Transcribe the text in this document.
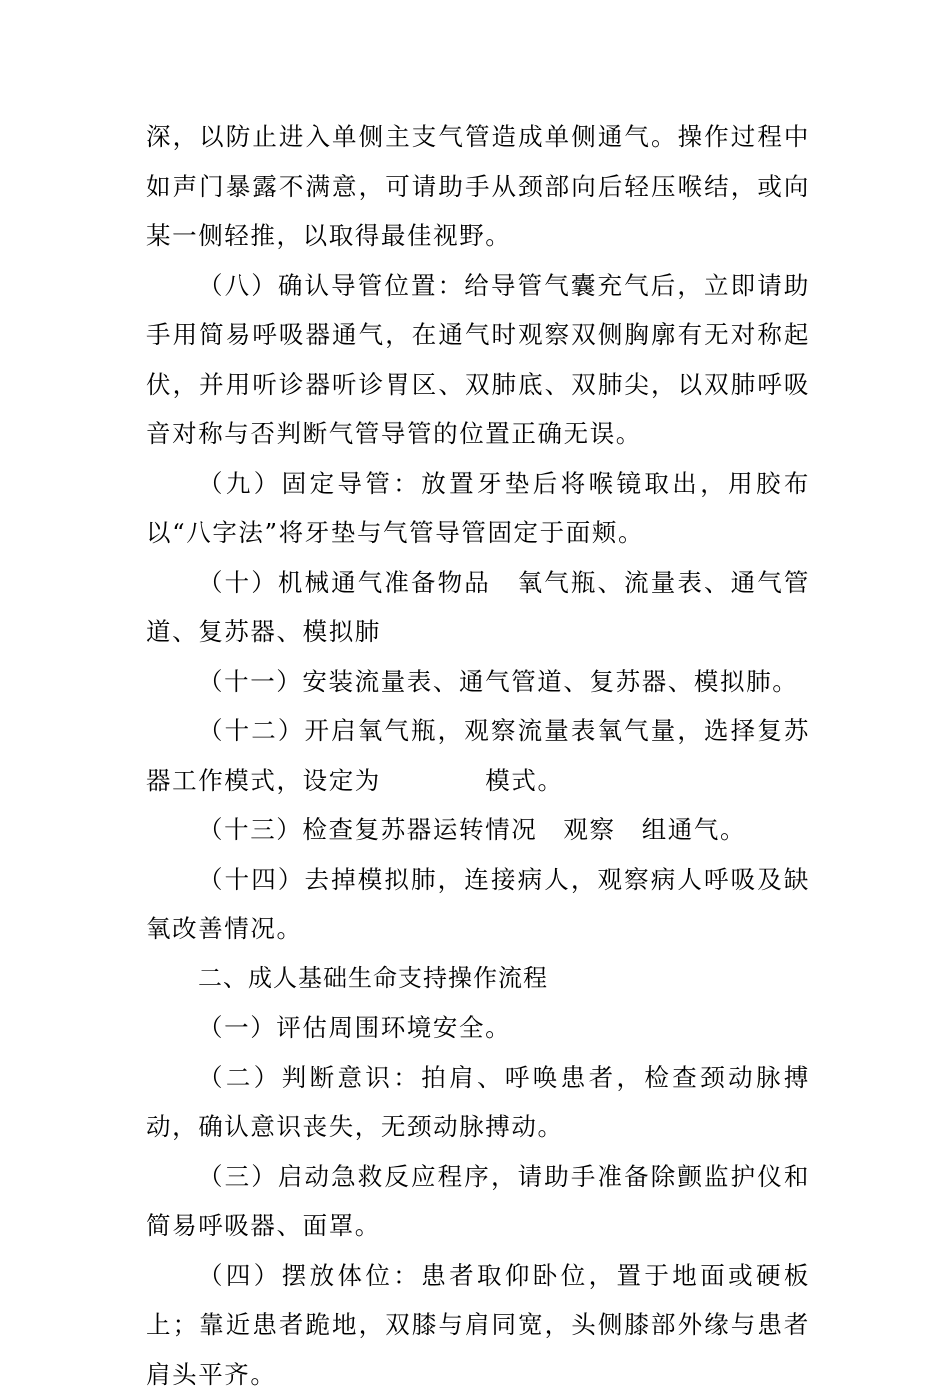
深，以防止进入单侧主支气管造成单侧通气。操作过程中如声门暴露不满意，可请助手从颈部向后轻压喉结，或向某一侧轻推，以取得最佳视野。

（八）确认导管位置：给导管气囊充气后，立即请助手用简易呼吸器通气，在通气时观察双侧胸廓有无对称起伏，并用听诊器听诊胃区、双肺底、双肺尖，以双肺呼吸音对称与否判断气管导管的位置正确无误。

（九）固定导管：放置牙垫后将喉镜取出，用胶布以“八字法”将牙垫与气管导管固定于面颊。

（十）机械通气准备物品　氧气瓶、流量表、通气管道、复苏器、模拟肺

（十一）安装流量表、通气管道、复苏器、模拟肺。

（十二）开启氧气瓶，观察流量表氧气量，选择复苏器工作模式，设定为　　　　模式。

（十三）检查复苏器运转情况　观察　组通气。

（十四）去掉模拟肺，连接病人，观察病人呼吸及缺氧改善情况。

二、成人基础生命支持操作流程

（一）评估周围环境安全。

（二）判断意识：拍肩、呼唤患者，检查颈动脉搏动，确认意识丧失，无颈动脉搏动。

（三）启动急救反应程序，请助手准备除颤监护仪和简易呼吸器、面罩。

（四）摆放体位：患者取仰卧位，置于地面或硬板上；靠近患者跪地，双膝与肩同宽，头侧膝部外缘与患者肩头平齐。
